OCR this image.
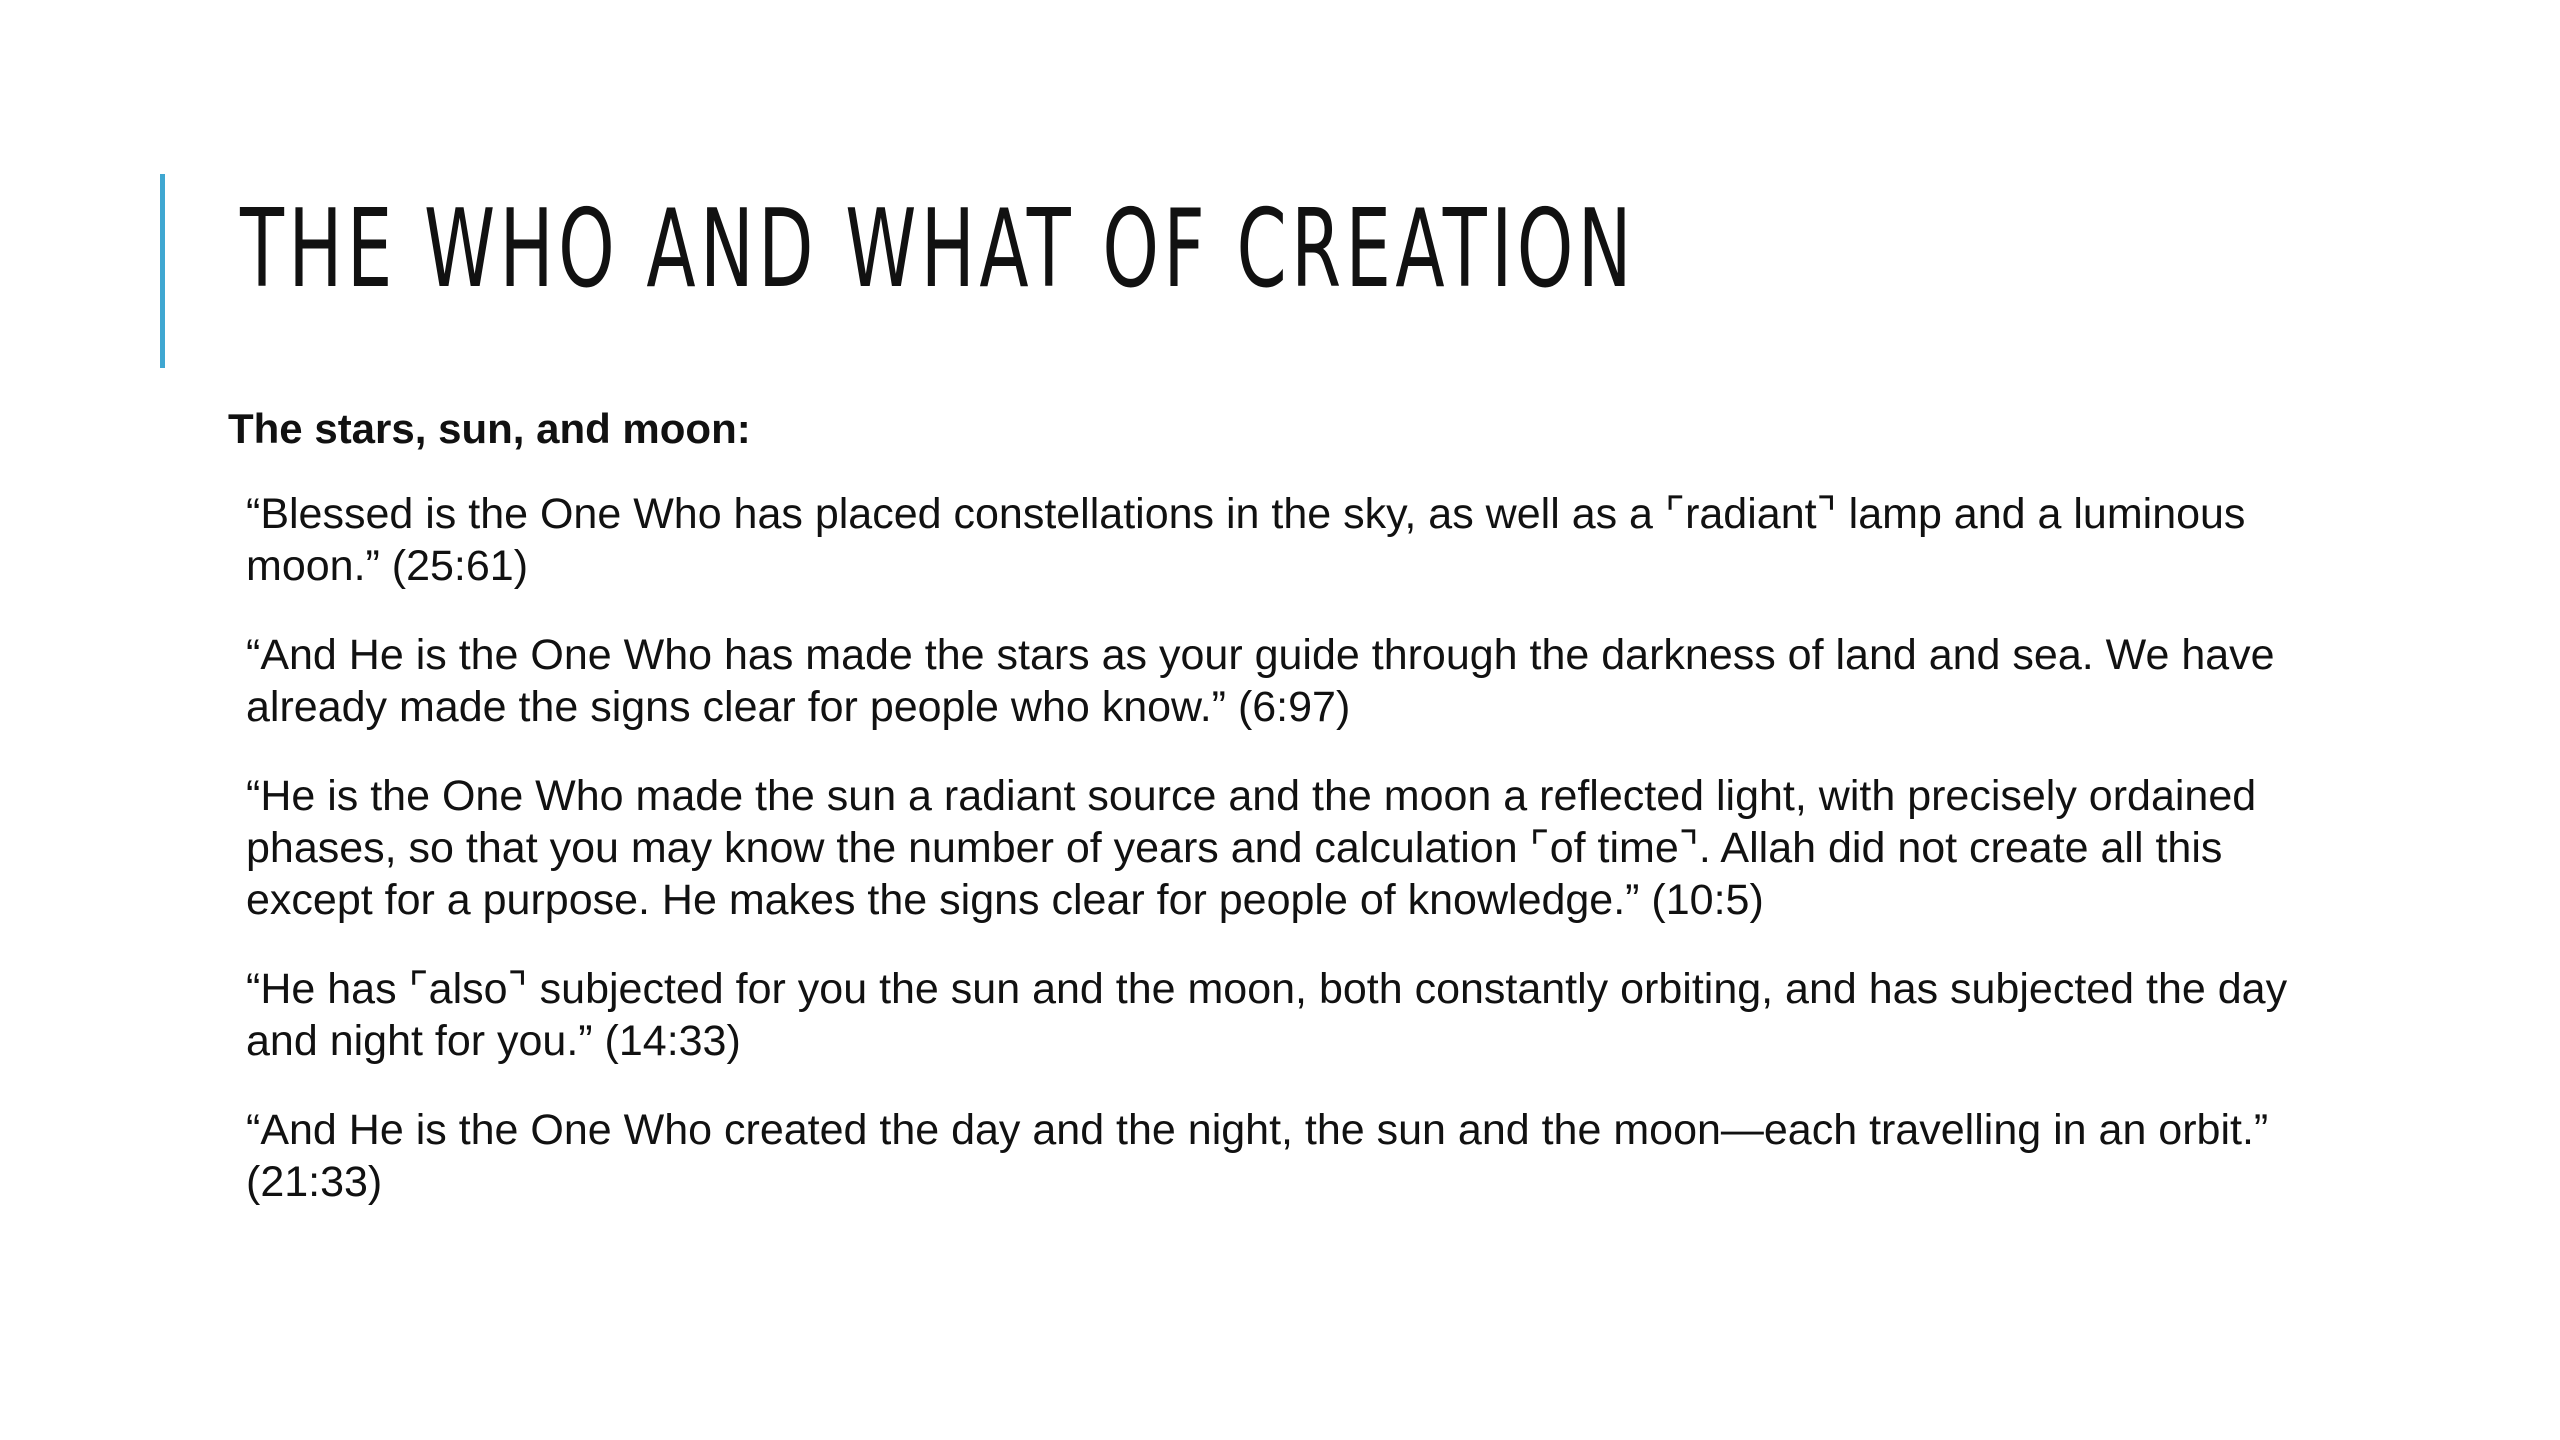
THE WHO AND WHAT OF CREATION

The stars, sun, and moon:

“Blessed is the One Who has placed constellations in the sky, as well as a ⌜radiant⌝ lamp and a luminous moon.” (25:61)
“And He is the One Who has made the stars as your guide through the darkness of land and sea. We have already made the signs clear for people who know.” (6:97)
“He is the One Who made the sun a radiant source and the moon a reflected light, with precisely ordained phases, so that you may know the number of years and calculation ⌜of time⌝. Allah did not create all this except for a purpose. He makes the signs clear for people of knowledge.” (10:5)
“He has ⌜also⌝ subjected for you the sun and the moon, both constantly orbiting, and has subjected the day and night for you.” (14:33)
“And He is the One Who created the day and the night, the sun and the moon—each travelling in an orbit.” (21:33)
